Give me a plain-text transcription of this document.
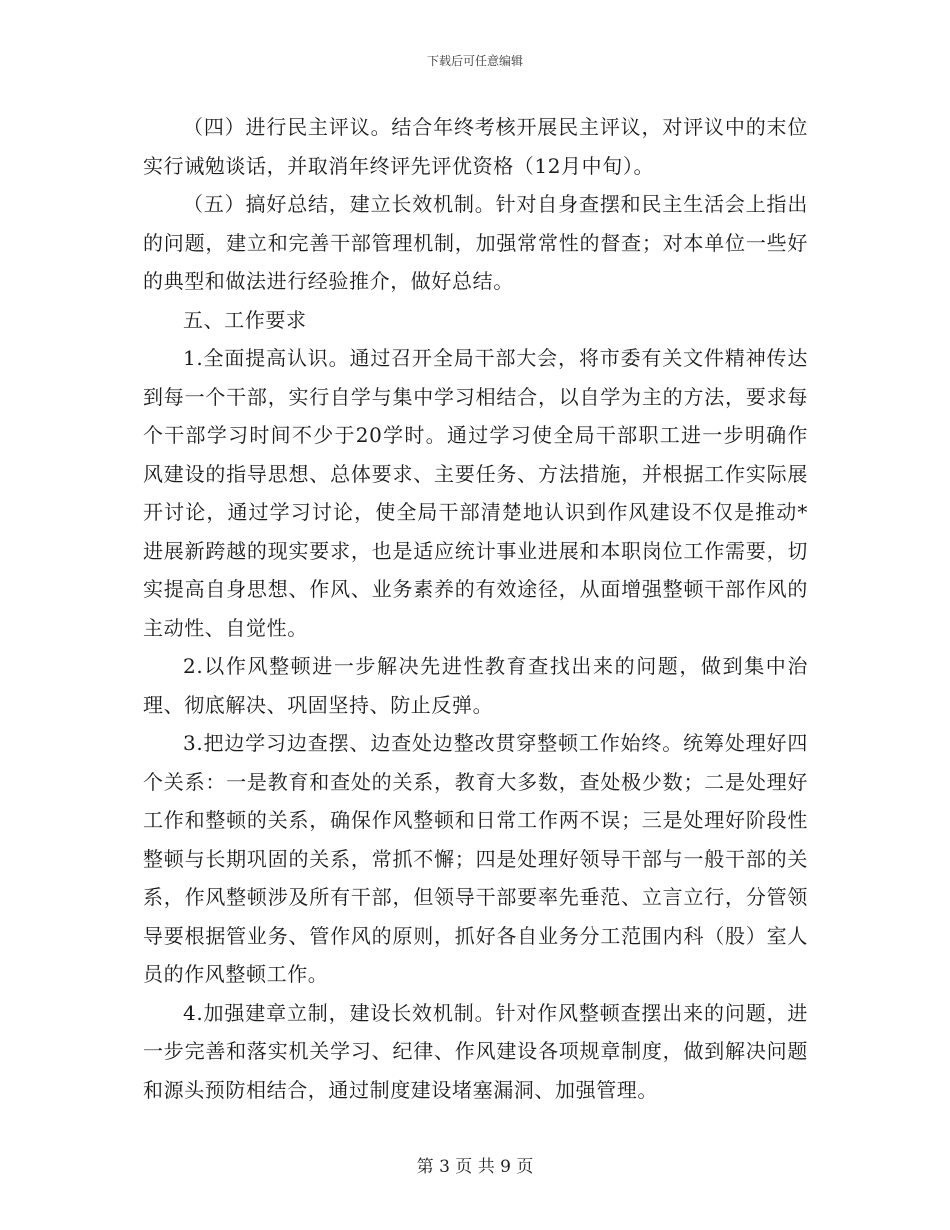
下载后可任意编辑

（四）进行民主评议。结合年终考核开展民主评议，对评议中的末位实行诫勉谈话，并取消年终评先评优资格（12月中旬）。

（五）搞好总结，建立长效机制。针对自身查摆和民主生活会上指出的问题，建立和完善干部管理机制，加强常常性的督查；对本单位一些好的典型和做法进行经验推介，做好总结。

五、工作要求

1.全面提高认识。通过召开全局干部大会，将市委有关文件精神传达到每一个干部，实行自学与集中学习相结合，以自学为主的方法，要求每个干部学习时间不少于20学时。通过学习使全局干部职工进一步明确作风建设的指导思想、总体要求、主要任务、方法措施，并根据工作实际展开讨论，通过学习讨论，使全局干部清楚地认识到作风建设不仅是推动*进展新跨越的现实要求，也是适应统计事业进展和本职岗位工作需要，切实提高自身思想、作风、业务素养的有效途径，从面增强整顿干部作风的主动性、自觉性。

2.以作风整顿进一步解决先进性教育查找出来的问题，做到集中治理、彻底解决、巩固坚持、防止反弹。

3.把边学习边查摆、边查处边整改贯穿整顿工作始终。统筹处理好四个关系：一是教育和查处的关系，教育大多数，查处极少数；二是处理好工作和整顿的关系，确保作风整顿和日常工作两不误；三是处理好阶段性整顿与长期巩固的关系，常抓不懈；四是处理好领导干部与一般干部的关系，作风整顿涉及所有干部，但领导干部要率先垂范、立言立行，分管领导要根据管业务、管作风的原则，抓好各自业务分工范围内科（股）室人员的作风整顿工作。

4.加强建章立制，建设长效机制。针对作风整顿查摆出来的问题，进一步完善和落实机关学习、纪律、作风建设各项规章制度，做到解决问题和源头预防相结合，通过制度建设堵塞漏洞、加强管理。

第 3 页 共 9 页
